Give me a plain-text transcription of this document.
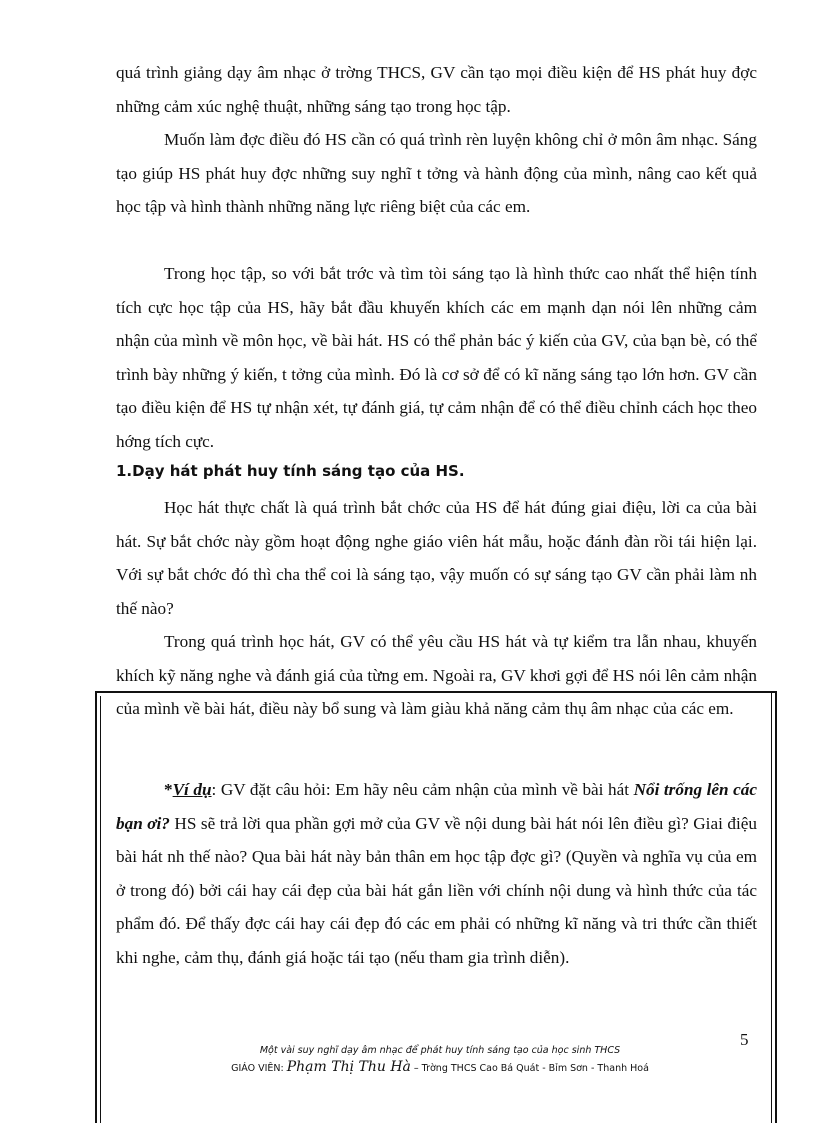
quá trình giảng dạy âm nhạc ở trờng THCS, GV cần tạo mọi điều kiện để HS phát huy đợc những cảm xúc nghệ thuật, những sáng tạo trong học tập.

Muốn làm đợc điều đó HS cần có quá trình rèn luyện không chỉ ở môn âm nhạc. Sáng tạo giúp HS phát huy đợc những suy nghĩ t tởng và hành động của mình, nâng cao kết quả học tập và hình thành những năng lực riêng biệt của các em.

Trong học tập, so với bắt trớc và tìm tòi sáng tạo là hình thức cao nhất thể hiện tính tích cực học tập của HS, hãy bắt đầu khuyến khích các em mạnh dạn nói lên những cảm nhận của mình về môn học, về bài hát. HS có thể phản bác ý kiến của GV, của bạn bè, có thể trình bày những ý kiến, t tởng của mình. Đó là cơ sở để có kĩ năng sáng tạo lớn hơn. GV cần tạo điều kiện để HS tự nhận xét, tự đánh giá, tự cảm nhận để có thể điều chỉnh cách học theo hớng tích cực.

1.Dạy hát phát huy tính sáng tạo của HS.

Học hát thực chất là quá trình bắt chớc của HS để hát đúng giai điệu, lời ca của bài hát. Sự bắt chớc này gồm hoạt động nghe giáo viên hát mẫu, hoặc đánh đàn rồi tái hiện lại. Với sự bắt chớc đó thì cha thể coi là sáng tạo, vậy muốn có sự sáng tạo GV cần phải làm nh thế nào?

Trong quá trình học hát, GV có thể yêu cầu HS hát và tự kiểm tra lẫn nhau, khuyến khích kỹ năng nghe và đánh giá của từng em. Ngoài ra, GV khơi gợi để HS nói lên cảm nhận của mình về bài hát, điều này bổ sung và làm giàu khả năng cảm thụ âm nhạc của các em.

*Ví dụ: GV đặt câu hỏi: Em hãy nêu cảm nhận của mình về bài hát Nổi trống lên các bạn ơi? HS sẽ trả lời qua phần gợi mở của GV về nội dung bài hát nói lên điều gì? Giai điệu bài hát nh thế nào? Qua bài hát này bản thân em học tập đợc gì? (Quyền và nghĩa vụ của em ở trong đó) bởi cái hay cái đẹp của bài hát gắn liền với chính nội dung và hình thức của tác phẩm đó. Để thấy đợc cái hay cái đẹp đó các em phải có những kĩ năng và tri thức cần thiết khi nghe, cảm thụ, đánh giá hoặc tái tạo (nếu tham gia trình diễn).

5
Một vài suy nghĩ dạy âm nhạc để phát huy tính sáng tạo của học sinh THCS
GIÁO VIÊN: Phạm Thị Thu Hà – Trờng THCS Cao Bá Quát - Bỉm Sơn - Thanh Hoá
